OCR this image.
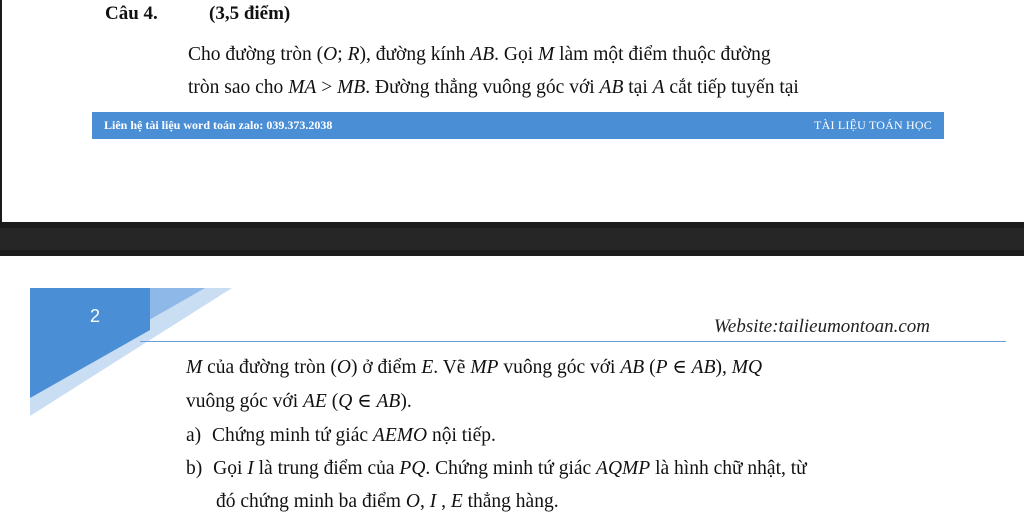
Câu 4.	(3,5 điểm)
Cho đường tròn (O; R), đường kính AB. Gọi M làm một điểm thuộc đường
tròn sao cho MA > MB. Đường thẳng vuông góc với AB tại A cắt tiếp tuyến tại
Liên hệ tài liệu word toán zalo: 039.373.2038	TÀI LIỆU TOÁN HỌC
2	Website:tailieumontoan.com
M của đường tròn (O) ở điểm E. Vẽ MP vuông góc với AB (P ∈ AB), MQ
vuông góc với AE (Q ∈ AB).
a) Chứng minh tứ giác AEMO nội tiếp.
b) Gọi I là trung điểm của PQ. Chứng minh tứ giác AQMP là hình chữ nhật, từ
đó chứng minh ba điểm O, I , E thẳng hàng.
